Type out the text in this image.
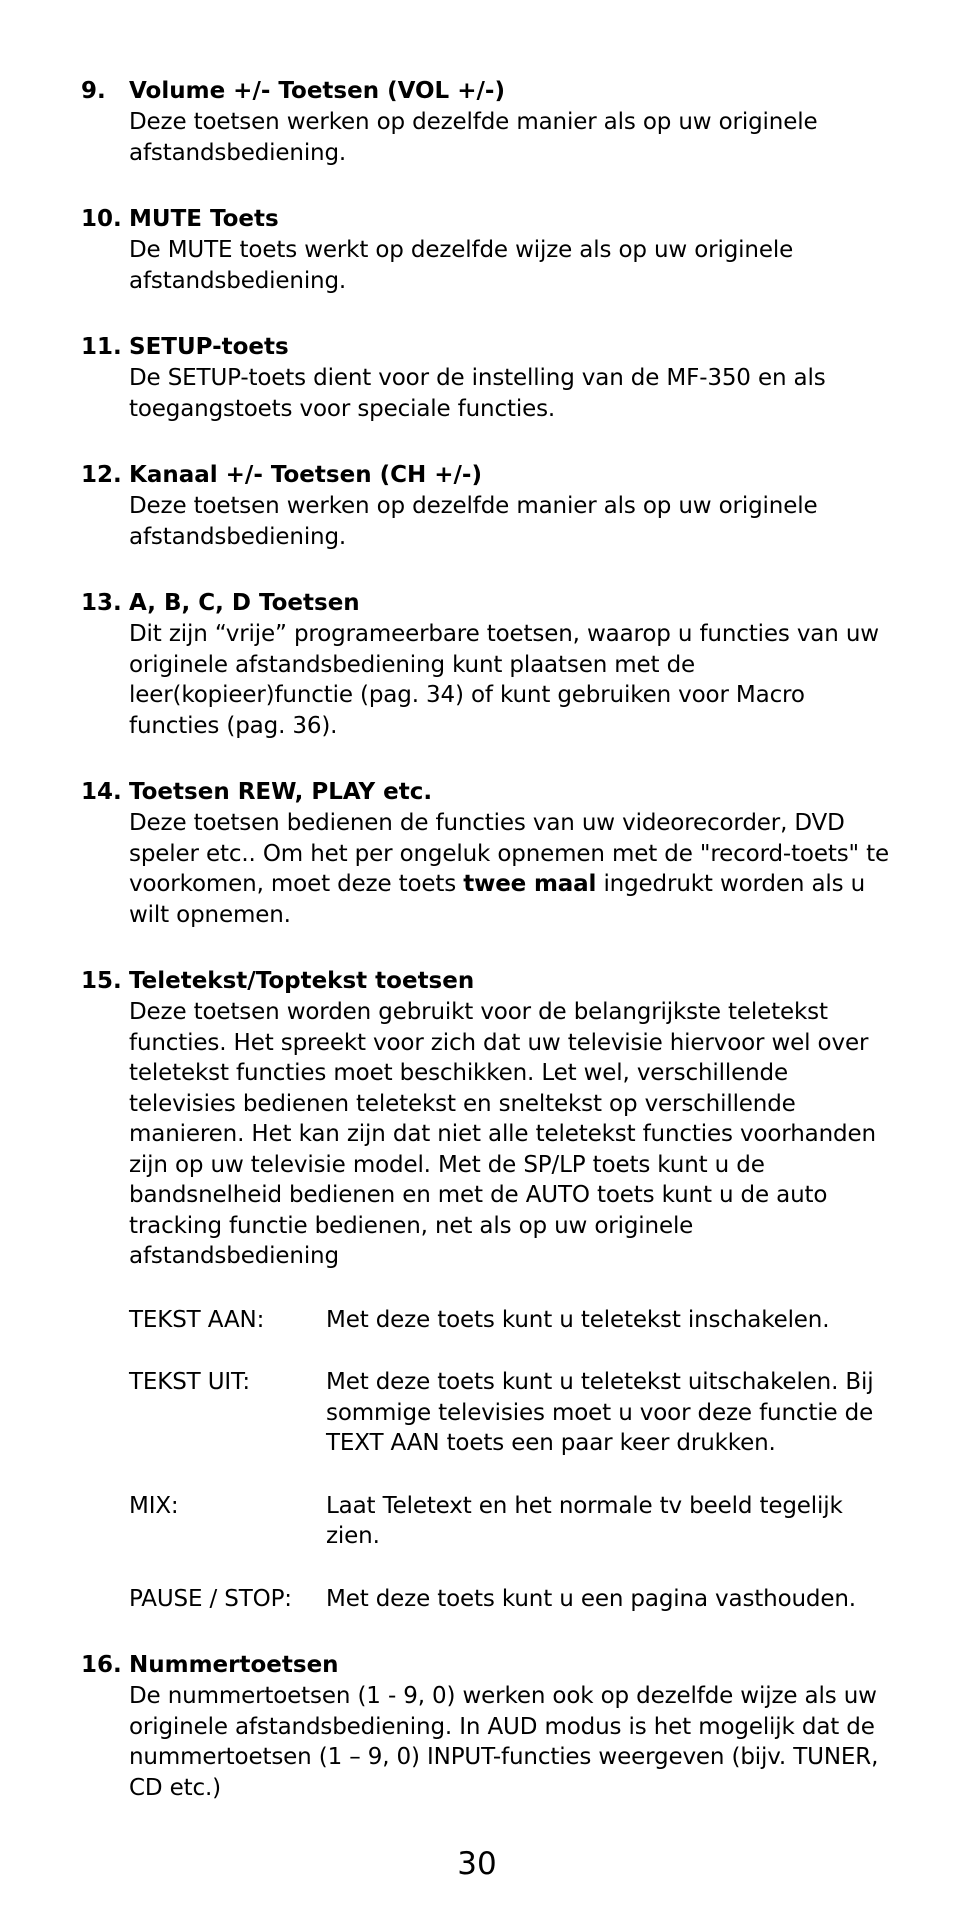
9. Volume +/- Toetsen (VOL +/-)

Deze toetsen werken op dezelfde manier als op uw originele afstandsbediening.

10. MUTE Toets

De MUTE toets werkt op dezelfde wijze als op uw originele afstandsbediening.

11. SETUP-toets

De SETUP-toets dient voor de instelling van de MF-350 en als toegangstoets voor speciale functies.

12. Kanaal +/- Toetsen (CH +/-)

Deze toetsen werken op dezelfde manier als op uw originele afstandsbediening.

13. A, B, C, D Toetsen

Dit zijn “vrije” programeerbare toetsen, waarop u functies van uw originele afstandsbediening kunt plaatsen met de leer(kopieer)functie (pag. 34) of kunt gebruiken voor Macro functies (pag. 36).

14. Toetsen REW, PLAY etc.

Deze toetsen bedienen de functies van uw videorecorder, DVD speler etc.. Om het per ongeluk opnemen met de "record-toets" te voorkomen, moet deze toets twee maal ingedrukt worden als u wilt opnemen.

15. Teletekst/Toptekst toetsen

Deze toetsen worden gebruikt voor de belangrijkste teletekst functies. Het spreekt voor zich dat uw televisie hiervoor wel over teletekst functies moet beschikken. Let wel, verschillende televisies bedienen teletekst en sneltekst op verschillende manieren. Het kan zijn dat niet alle teletekst functies voorhanden zijn op uw televisie model. Met de SP/LP toets kunt u de bandsnelheid bedienen en met de AUTO toets kunt u de auto tracking functie bedienen, net als op uw originele afstandsbediening

TEKST AAN:	Met deze toets kunt u teletekst inschakelen.
TEKST UIT:	Met deze toets kunt u teletekst uitschakelen. Bij sommige televisies moet u voor deze functie de TEXT AAN toets een paar keer drukken.
MIX:	Laat Teletext en het normale tv beeld tegelijk zien.
PAUSE / STOP:	Met deze toets kunt u een pagina vasthouden.
16. Nummertoetsen

De nummertoetsen (1 - 9, 0) werken ook op dezelfde wijze als uw originele afstandsbediening. In AUD modus is het mogelijk dat de nummertoetsen (1 – 9, 0) INPUT-functies weergeven (bijv. TUNER, CD etc.)

30
